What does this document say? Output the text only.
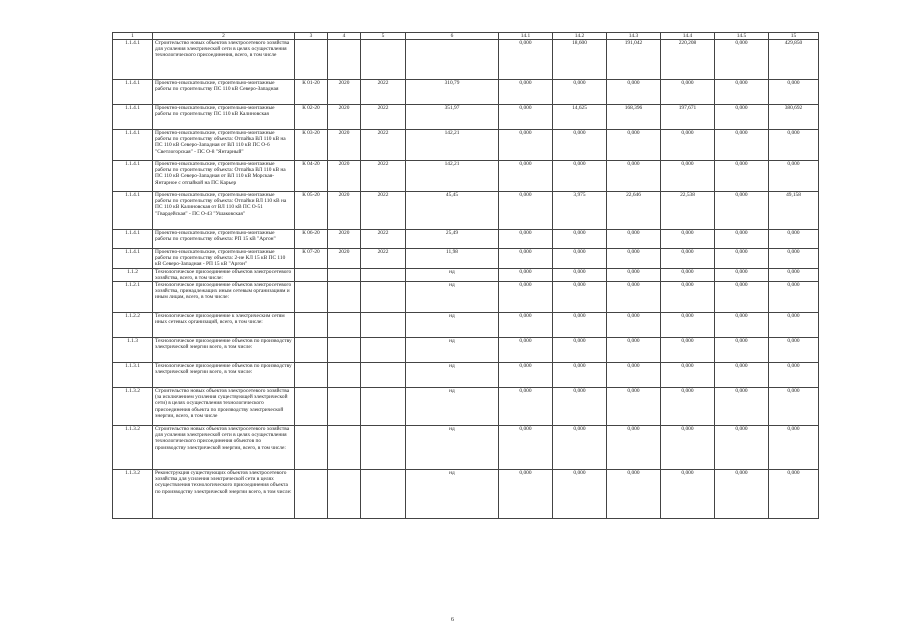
1	2	3	4	5	6	14.1	14.2	14.3	14.4	14.5	15
1.1.4.1	Строительство новых объектов электросетевого хозяйства для усиления электрической сети в целях осуществления технологического присоединения, всего, в том числе					0,000	18,600	191,042	220,208	0,000	429,850
1.1.4.1	Проектно-изыскательские, строительно-монтажные работы по строительству ПС 110 кВ Северо-Западная	К 01-20	2020	2022	310,79	0,000	0,000	0,000	0,000	0,000	0,000
1.1.4.1	Проектно-изыскательские, строительно-монтажные работы по строительству ПС 110 кВ Калиновская	К 02-20	2020	2022	351,97	0,000	14,625	168,396	197,671	0,000	380,692
1.1.4.1	Проектно-изыскательские, строительно-монтажные работы по строительству объекта: Отпайка ВЛ 110 кВ на ПС 110 кВ Северо-Западная от ВЛ 110 кВ ПС О-6 "Светлогорская" - ПС О-8 "Янтарный"	К 03-20	2020	2022	142,21	0,000	0,000	0,000	0,000	0,000	0,000
1.1.4.1	Проектно-изыскательские, строительно-монтажные работы по строительству объекта: Отпайка ВЛ 110 кВ на ПС 110 кВ Северо-Западная от ВЛ 110 кВ Морская-Янтарное с отпайкой на ПС Карьер	К 04-20	2020	2022	142,21	0,000	0,000	0,000	0,000	0,000	0,000
1.1.4.1	Проектно-изыскательские, строительно-монтажные работы по строительству объекта: Отпайки ВЛ 110 кВ на ПС 110 кВ Калиновская от ВЛ 110 кВ ПС О-51 "Гвардейская" - ПС О-43 "Ушаковская"	К 05-20	2020	2022	45,45	0,000	3,975	22,646	22,538	0,000	49,158
1.1.4.1	Проектно-изыскательские, строительно-монтажные работы по строительству объекта: РП 15 кВ "Аргон"	К 06-20	2020	2022	25,49	0,000	0,000	0,000	0,000	0,000	0,000
1.1.4.1	Проектно-изыскательские, строительно-монтажные работы по строительству объекта: 2-ие КЛ 15 кВ ПС 110 кВ Северо-Западная - РП 15 кВ "Аргон"	К 07-20	2020	2022	11,98	0,000	0,000	0,000	0,000	0,000	0,000
1.1.2	Технологическое присоединение объектов электросетевого хозяйства, всего, в том числе:				нд	0,000	0,000	0,000	0,000	0,000	0,000
1.1.2.1	Технологическое присоединение объектов электросетевого хозяйства, принадлежащих иным сетевым организациям и иным лицам, всего, в том числе:				нд	0,000	0,000	0,000	0,000	0,000	0,000
1.1.2.2	Технологическое присоединение к электрическим сетям иных сетевых организаций, всего, в том числе:				нд	0,000	0,000	0,000	0,000	0,000	0,000
1.1.3	Технологическое присоединение объектов по производству электрической энергии всего, в том числе:				нд	0,000	0,000	0,000	0,000	0,000	0,000
1.1.3.1	Технологическое присоединение объектов по производству электрической энергии всего, в том числе:				нд	0,000	0,000	0,000	0,000	0,000	0,000
1.1.3.2	Строительство новых объектов электросетевого хозяйства (за исключением усиления существующей электрической сети) в целях осуществления технологического присоединения объекта по производству электрической энергии, всего, в том числе				нд	0,000	0,000	0,000	0,000	0,000	0,000
1.1.3.2	Строительство новых объектов электросетевого хозяйства для усиления электрической сети в целях осуществления технологического присоединения объектов по производству электрической энергии, всего, в том числе:				нд	0,000	0,000	0,000	0,000	0,000	0,000
1.1.3.2	Реконструкция существующих объектов электросетевого хозяйства для усиления электрической сети в целях осуществления технологического присоединения объекта по производству электрической энергии всего, в том числе:				нд	0,000	0,000	0,000	0,000	0,000	0,000
6
